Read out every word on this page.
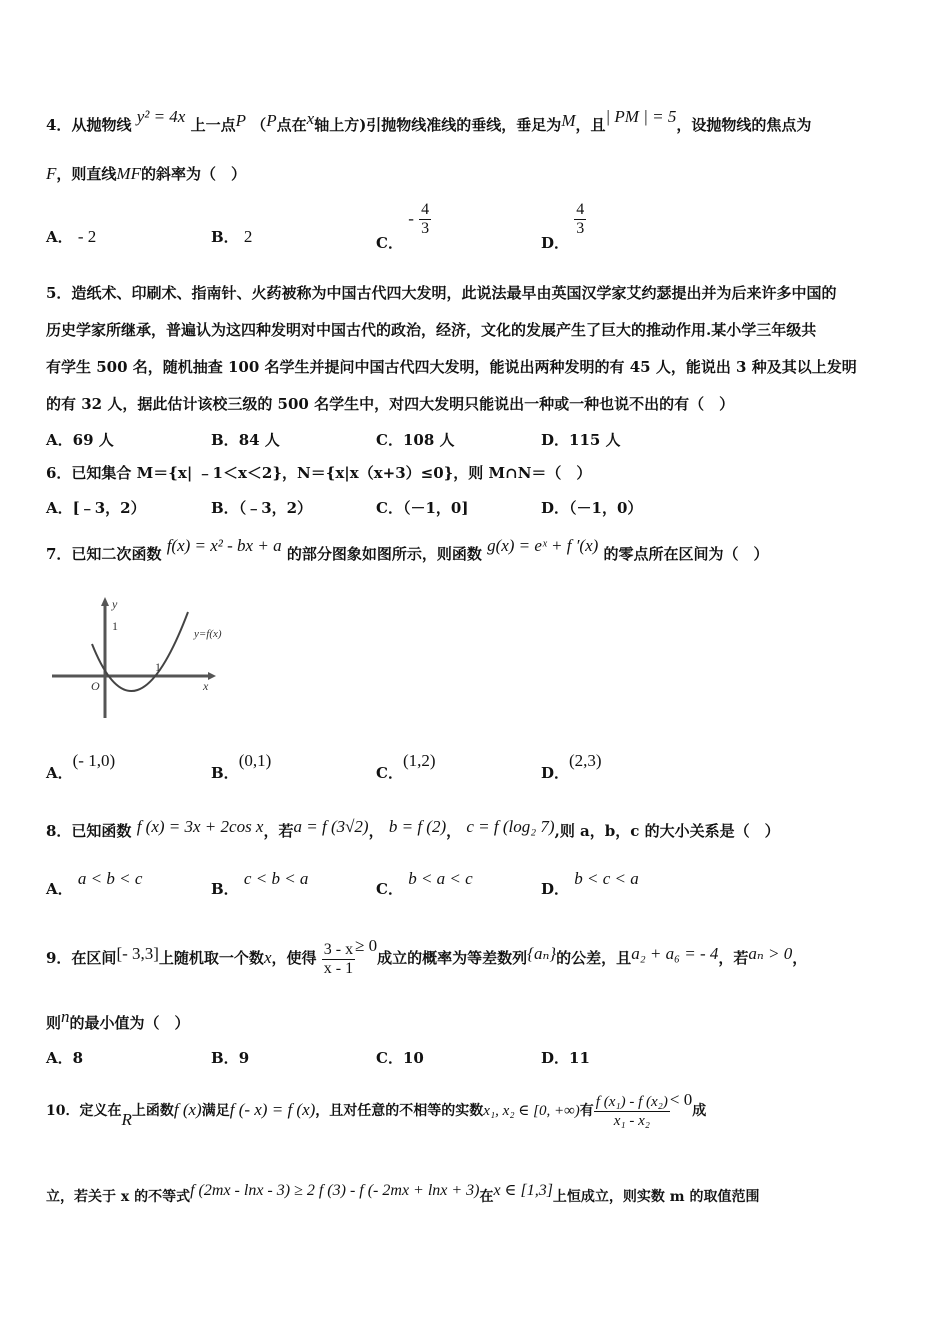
4．从抛物线 y² = 4x 上一点P （P点在x轴上方)引抛物线准线的垂线，垂足为M，且| PM | = 5，设抛物线的焦点为
F，则直线MF的斜率为（　）
A． - 2	B． 2	C． - $\frac{4}{3}$
D．
$\frac{4}{3}$
5．造纸术、印刷术、指南针、火药被称为中国古代四大发明，此说法最早由英国汉学家艾约瑟提出并为后来许多中国的
历史学家所继承，普遍认为这四种发明对中国古代的政治，经济，文化的发展产生了巨大的推动作用.某小学三年级共
有学生 500 名，随机抽查 100 名学生并提问中国古代四大发明，能说出两种发明的有 45 人，能说出 3 种及其以上发明
的有 32 人，据此估计该校三级的 500 名学生中，对四大发明只能说出一种或一种也说不出的有（　）
A．69 人	B．84 人	C．108 人	D．115 人
6．已知集合 M＝{x| ﹣1＜x＜2}，N＝{x|x（x+3）≤0}，则 M∩N＝（　）
A．[﹣3，2）	B．（﹣3，2）	C．（－1，0]	D．（－1，0）
7．已知二次函数 f(x) = x² - bx + a 的部分图象如图所示，则函数 g(x) = eˣ + f ′(x) 的零点所在区间为（　）
y
1
O
1
x
y=f(x)
A．(- 1,0)
B．(0,1)
C．(1,2)
D．(2,3)
8．已知函数 f (x) = 3x + 2cos x，若a = f (3√2)， b = f (2)， c = f (log₂ 7),则 a，b，c 的大小关系是（　）
A． a < b < c
B． c < b < a
C． b < a < c
D． b < c < a
9．在区间[- 3,3]上随机取一个数x，使得 $\frac{3 - x}{x - 1} \ge 0$成立的概率为等差数列{aₙ}的公差，且a₂ + a₆ = - 4，若aₙ > 0，
则n的最小值为（　）
A．8	B．9	C．10	D．11
10．定义在R上函数f (x)满足f (- x) = f (x)，且对任意的不相等的实数x₁, x₂ ∈ [0, +∞)有 $\frac{\text{f (x₁) - f (x₂)}}{\text{x₁ - x₂}} < 0$成
立，若关于 x 的不等式f (2mx - lnx - 3) ≥ 2 f (3) - f (- 2mx + lnx + 3)在x ∈ [1,3]上恒成立，则实数 m 的取值范围
